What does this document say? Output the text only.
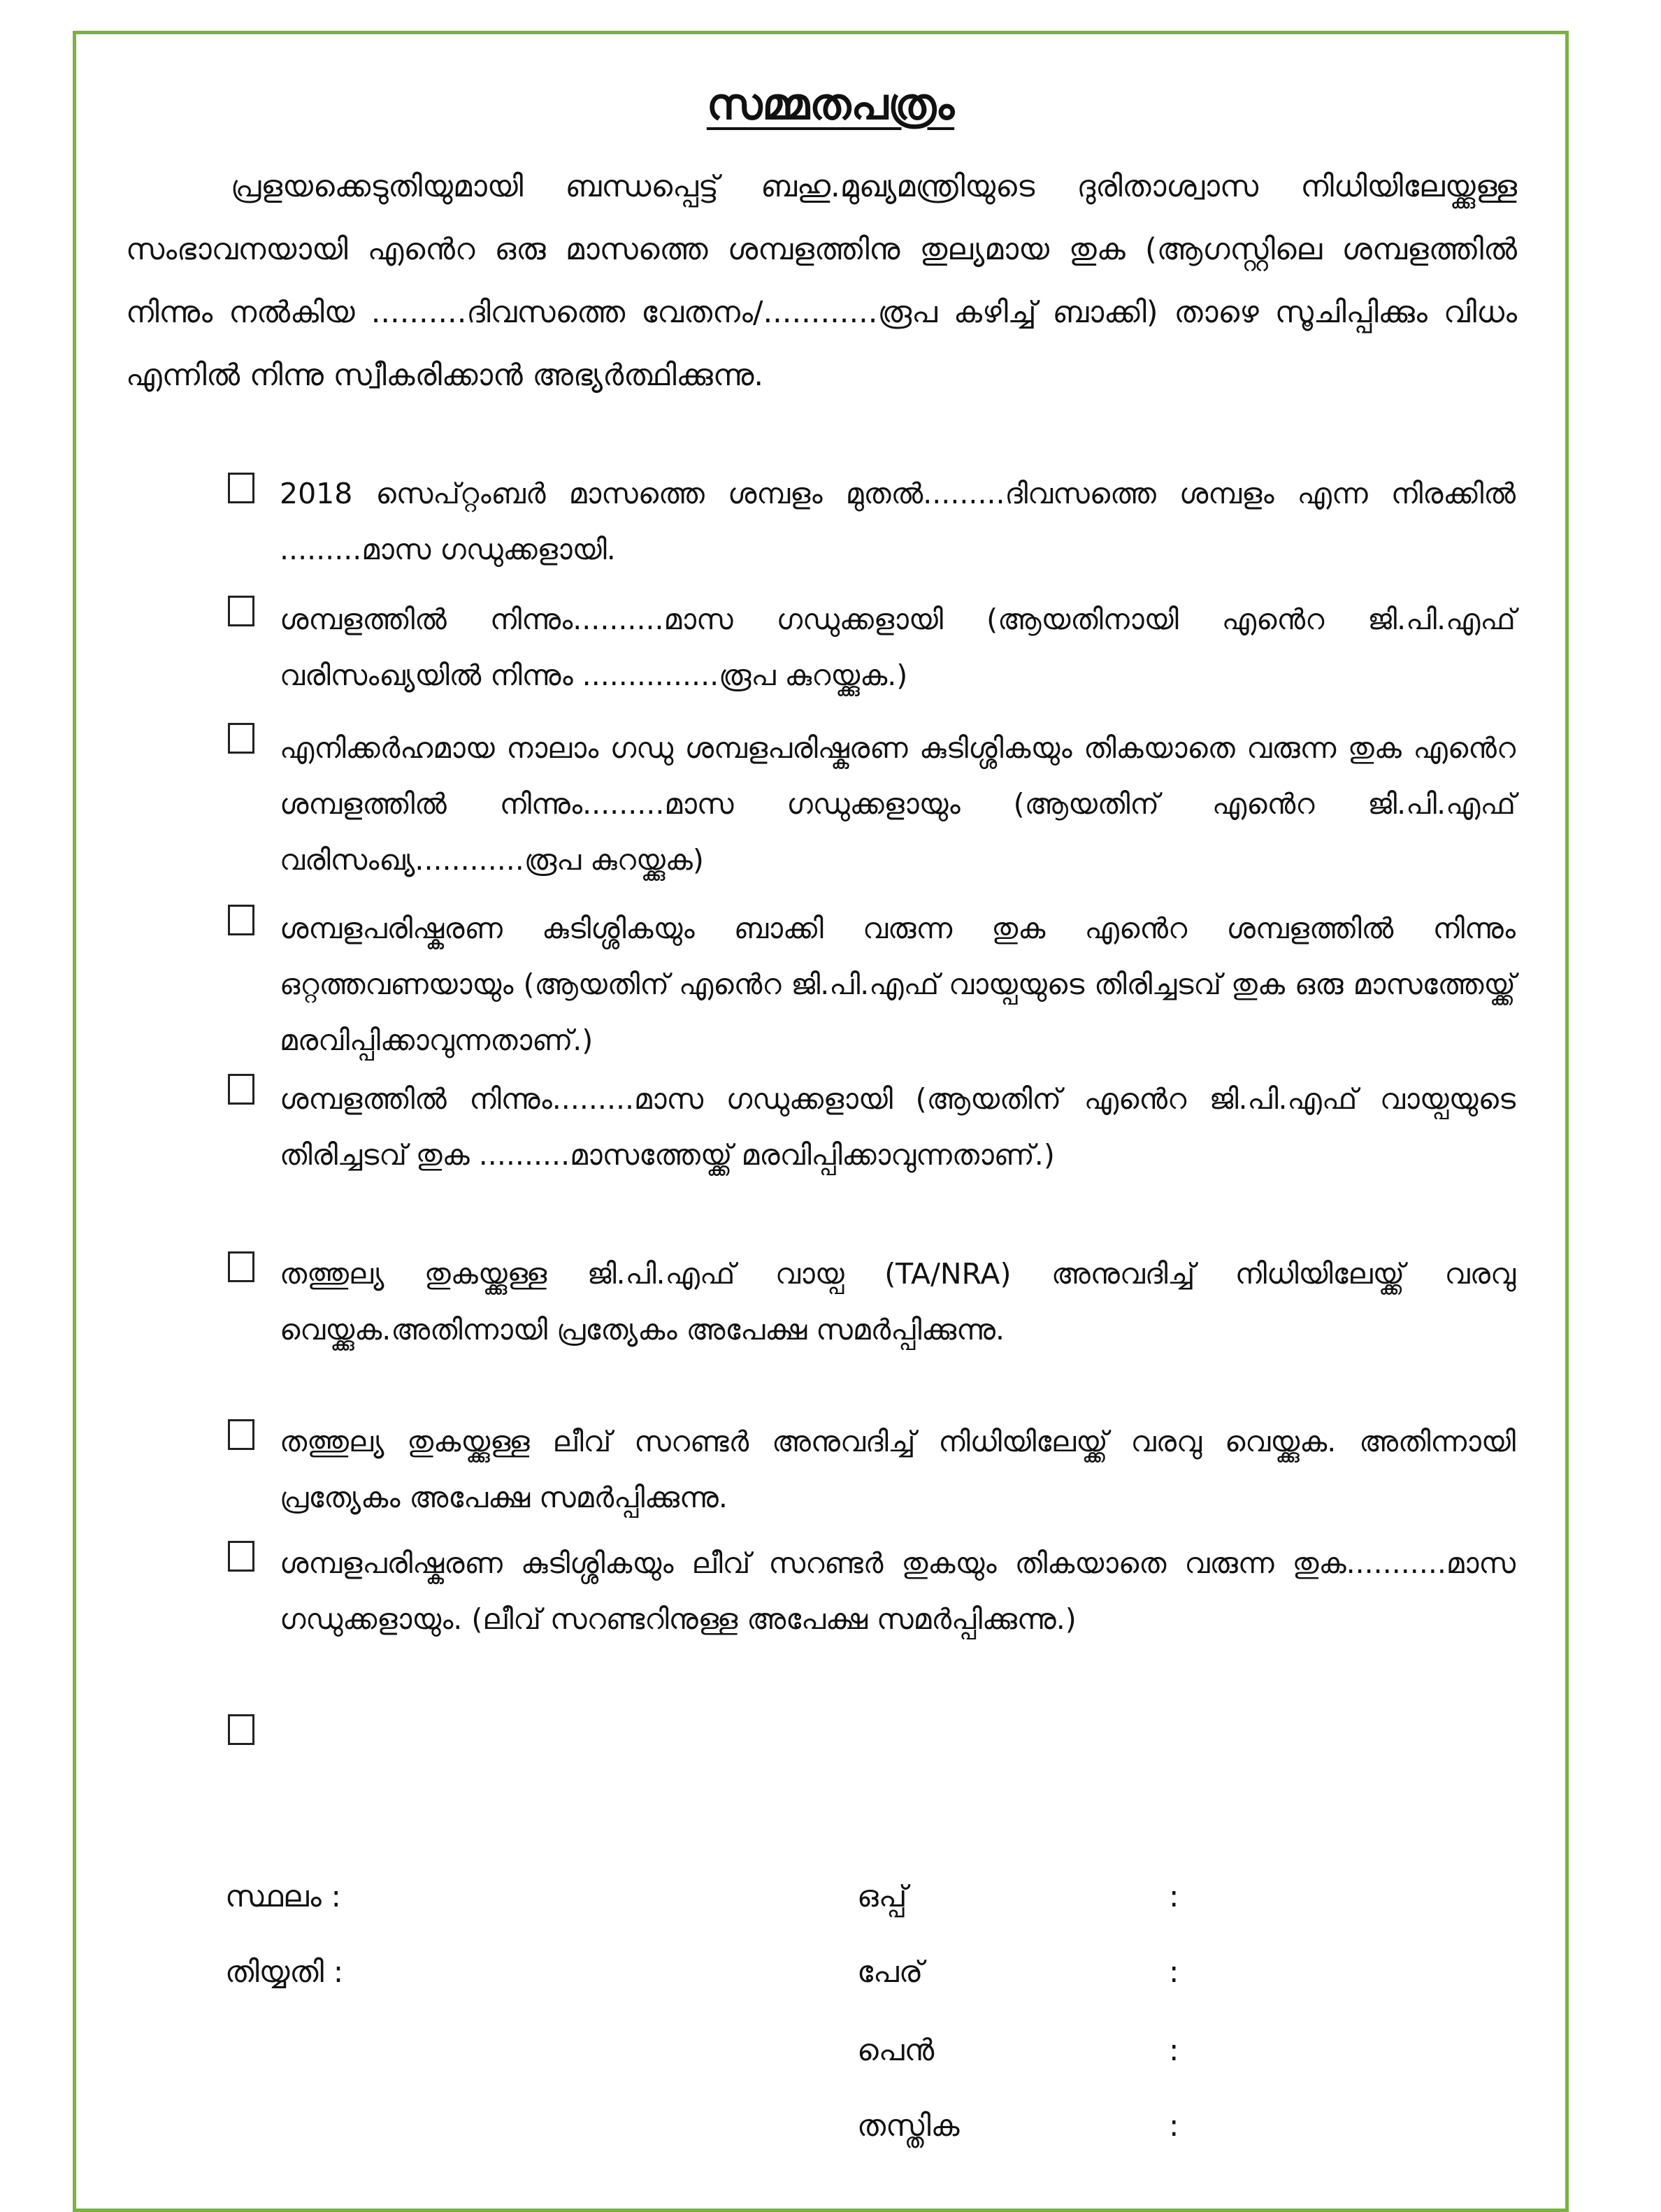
സമ്മതപത്രം

പ്രളയക്കെടുതിയുമായി ബന്ധപ്പെട്ട് ബഹു.മുഖ്യമന്ത്രിയുടെ ദുരിതാശ്വാസ നിധിയിലേയ്ക്കുള്ള സംഭാവനയായി എൻെറ ഒരു മാസത്തെ ശമ്പളത്തിനു തുല്യമായ തുക (ആഗസ്റ്റിലെ ശമ്പളത്തിൽ നിന്നും നൽകിയ ..........ദിവസത്തെ വേതനം/............രൂപ കഴിച്ച് ബാക്കി) താഴെ സൂചിപ്പിക്കും വിധം എന്നിൽ നിന്നു സ്വീകരിക്കാൻ അഭ്യർത്ഥിക്കുന്നു.

2018 സെപ്റ്റംബർ മാസത്തെ ശമ്പളം മുതൽ.........ദിവസത്തെ ശമ്പളം എന്ന നിരക്കിൽ .........മാസ ഗഡുക്കളായി.
ശമ്പളത്തിൽ നിന്നും..........മാസ ഗഡുക്കളായി (ആയതിനായി എൻെറ ജി.പി.എഫ് വരിസംഖ്യയിൽ നിന്നും ...............രൂപ കുറയ്ക്കുക.)
എനിക്കർഹമായ നാലാം ഗഡു ശമ്പളപരിഷ്കരണ കുടിശ്ശികയും തികയാതെ വരുന്ന തുക എൻെറ ശമ്പളത്തിൽ നിന്നും.........മാസ ഗഡുക്കളായും (ആയതിന് എൻെറ ജി.പി.എഫ് വരിസംഖ്യ............രൂപ കുറയ്ക്കുക)
ശമ്പളപരിഷ്കരണ കുടിശ്ശികയും ബാക്കി വരുന്ന തുക എൻെറ ശമ്പളത്തിൽ നിന്നും ഒറ്റത്തവണയായും (ആയതിന് എൻെറ ജി.പി.എഫ് വായ്പയുടെ തിരിച്ചടവ് തുക ഒരു മാസത്തേയ്ക്ക് മരവിപ്പിക്കാവുന്നതാണ്.)
ശമ്പളത്തിൽ നിന്നും.........മാസ ഗഡുക്കളായി (ആയതിന് എൻെറ ജി.പി.എഫ് വായ്പയുടെ തിരിച്ചടവ് തുക ..........മാസത്തേയ്ക്ക് മരവിപ്പിക്കാവുന്നതാണ്.)
തത്തുല്യ തുകയ്ക്കുള്ള ജി.പി.എഫ് വായ്പ (TA/NRA) അനുവദിച്ച് നിധിയിലേയ്ക്ക് വരവു വെയ്ക്കുക.അതിന്നായി പ്രത്യേകം അപേക്ഷ സമർപ്പിക്കുന്നു.
തത്തുല്യ തുകയ്ക്കുള്ള ലീവ് സറണ്ടർ അനുവദിച്ച് നിധിയിലേയ്ക്ക് വരവു വെയ്ക്കുക. അതിന്നായി പ്രത്യേകം അപേക്ഷ സമർപ്പിക്കുന്നു.
ശമ്പളപരിഷ്കരണ കുടിശ്ശികയും ലീവ് സറണ്ടർ തുകയും തികയാതെ വരുന്ന തുക...........മാസ ഗഡുക്കളായും. (ലീവ് സറണ്ടറിനുള്ള അപേക്ഷ സമർപ്പിക്കുന്നു.)
സ്ഥലം :
തിയ്യതി :
ഒപ്പ്	:
പേര്	:
പെൻ	:
തസ്തിക	:
